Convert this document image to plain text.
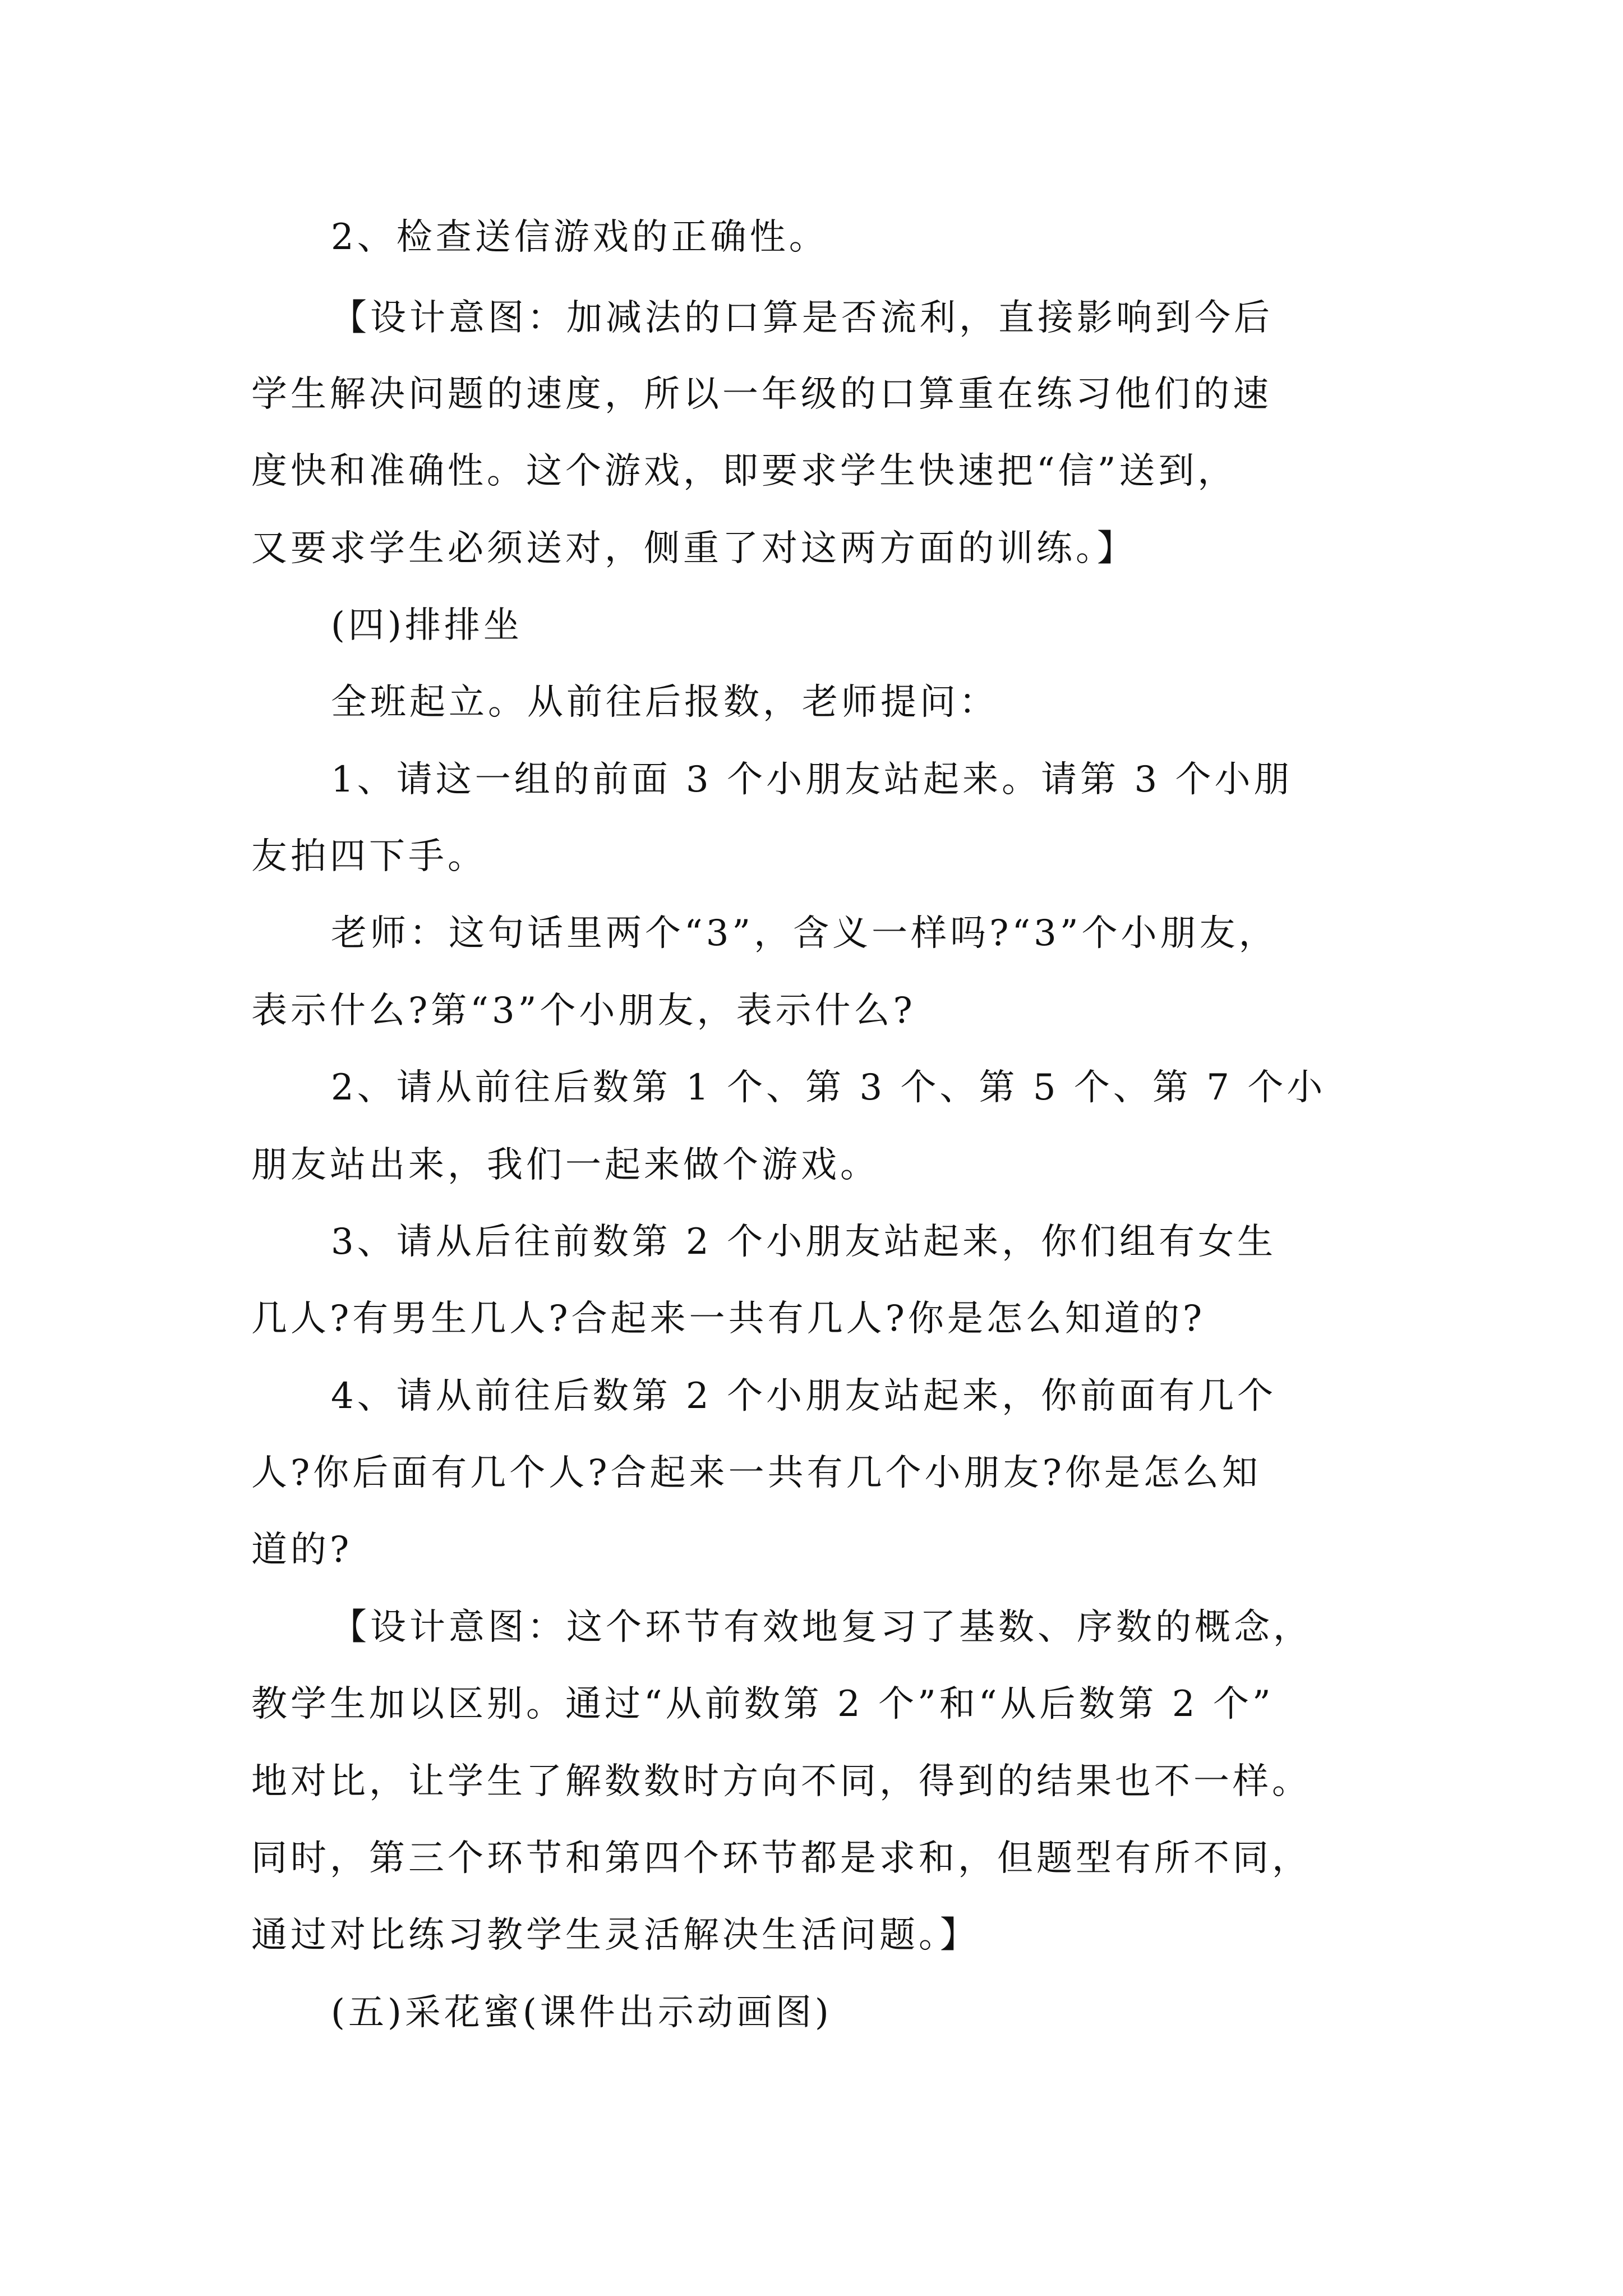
2、检查送信游戏的正确性。
【设计意图：加减法的口算是否流利，直接影响到今后
学生解决问题的速度，所以一年级的口算重在练习他们的速
度快和准确性。这个游戏，即要求学生快速把“信”送到，
又要求学生必须送对，侧重了对这两方面的训练。】
(四)排排坐
全班起立。从前往后报数，老师提问：
1、请这一组的前面 3 个小朋友站起来。请第 3 个小朋
友拍四下手。
老师：这句话里两个“3”，含义一样吗?“3”个小朋友，
表示什么?第“3”个小朋友，表示什么?
2、请从前往后数第 1 个、第 3 个、第 5 个、第 7 个小
朋友站出来，我们一起来做个游戏。
3、请从后往前数第 2 个小朋友站起来，你们组有女生
几人?有男生几人?合起来一共有几人?你是怎么知道的?
4、请从前往后数第 2 个小朋友站起来，你前面有几个
人?你后面有几个人?合起来一共有几个小朋友?你是怎么知
道的?
【设计意图：这个环节有效地复习了基数、序数的概念，
教学生加以区别。通过“从前数第 2 个”和“从后数第 2 个”
地对比，让学生了解数数时方向不同，得到的结果也不一样。
同时，第三个环节和第四个环节都是求和，但题型有所不同，
通过对比练习教学生灵活解决生活问题。】
(五)采花蜜(课件出示动画图)
